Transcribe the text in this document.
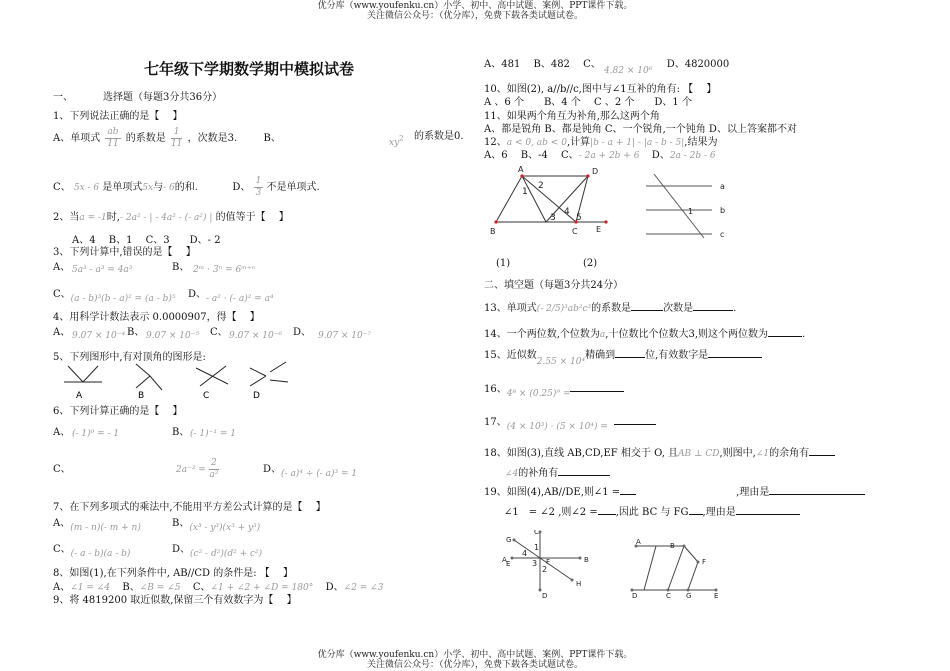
优分库（www.youfenku.cn）小学、初中、高中试题、案例、PPT课件下载。
关注微信公众号：（优分库），免费下载各类试题试卷。
七年级下学期数学期中模拟试卷
一、	选择题（每题3分共36分）
1、下列说法正确的是【　 】
A、单项式 $\frac{ab}{11}$ 的系数是 $\frac{1}{11}$ ，次数是3.	B、	$xy^2$ 的系数是0.
C、 5x - 6 是单项式5x与- 6的和.	D、 $\frac{1}{3}$ 不是单项式.
2、当a = -1时,- 2a² - | - 4a² - (- a²) | 的值等于【　 】
A、4　 B、1　 C、3　　D、- 2
3、下列计算中,错误的是【　 】
A、 5a³ - a³ = 4a³	B、 2ᵐ · 3ⁿ = 6ᵐ⁺ⁿ
C、(a - b)³(b - a)² = (a - b)⁵ D、- a² · (- a)² = a⁴
4、用科学计数法表示 0.0000907，得【　 】
A、 9.07 × 10⁻⁴ B、 9.07 × 10⁻⁵ C、 9.07 × 10⁻⁶ D、 9.07 × 10⁻⁷
5、下列图形中,有对顶角的图形是:
A	B	C	D
6、下列计算正确的是【　 】
A、 (- 1)⁰ = - 1	B、 (- 1)⁻¹ = 1
C、	$2a^{-2} = \frac{2}{\text{a²}}$	D、(- a)⁴ ÷ (- a)³ = 1
7、在下列多项式的乘法中,不能用平方差公式计算的是【　 】
A、(m - n)(- m + n)	B、(x³ - y³)(x³ + y³)
C、(- a - b)(a - b)	D、(c² - d²)(d² + c²)
8、如图(1),在下列条件中, AB//CD 的条件是: 【　 】
A、∠1 = ∠4 B、∠B = ∠5 C、∠1 + ∠2 + ∠D = 180° D、∠2 = ∠3
9、将 4819200 取近似数,保留三个有效数字为【　 】
A、481　 B、482　 C、 4.82 × 10⁶  D、4820000
10、如图(2), a//b//c,图中与∠1互补的角有: 【　 】
A 、6 个　　B、4 个　 C 、2 个　　D、1 个
11、如果两个角互为补角,那么这两个角
A、都是锐角 B、都是钝角 C、一个锐角,一个钝角 D、以上答案都不对
12、a < 0, ab < 0,计算|b - a + 1| - |a - b - 5|,结果为
A、6　 B、-4　 C、- 2a + 2b + 6 D、2a - 2b - 6
A	D
B	C E
1
2
3
4
5
a
b
c
1
(1)	(2)
二、填空题（每题3分共24分）
13、单项式(- 2/5)³ab²c³的系数是	次数是	.
14、一个两位数,个位数为a,十位数比个位数大3,则这个两位数为	.
15、近似数2.55 × 10⁴精确到	位,有效数字是
16、4⁸ × (0.25)⁹ =
17、(4 × 10³) · (5 × 10⁴) =
18、如图(3),直线 AB,CD,EF 相交于 O, 且AB ⊥ CD,则图中,∠1的余角有
∠4的补角有
19、如图(4),AB//DE,则∠1 =	,理由是
∠1　= ∠2 ,则∠2 = ,因此 BC 与 FG ,理由是
A	B
C
D
E
G
H
F
1
2
3
4
A	B
D	C G	E
F
优分库（www.youfenku.cn）小学、初中、高中试题、案例、PPT课件下载。
关注微信公众号：（优分库），免费下载各类试题试卷。
